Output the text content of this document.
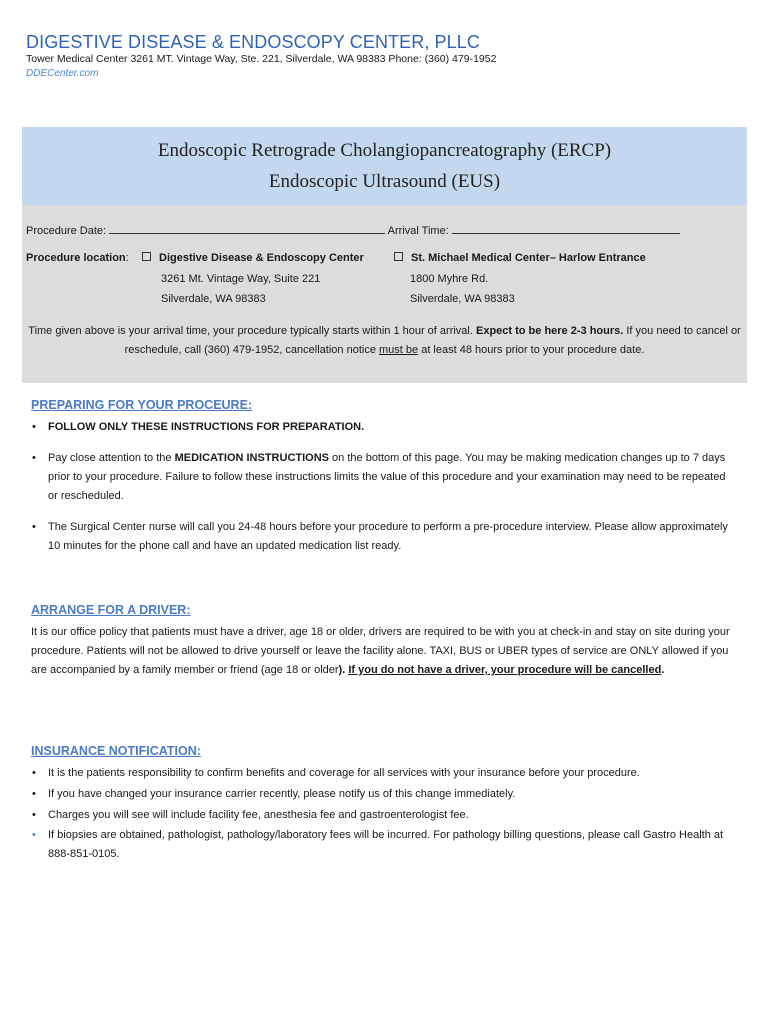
DIGESTIVE DISEASE & ENDOSCOPY CENTER, PLLC
Tower Medical Center 3261 MT. Vintage Way, Ste. 221, Silverdale, WA 98383 Phone: (360) 479-1952
DDECenter.com
Endoscopic Retrograde Cholangiopancreatography (ERCP)
Endoscopic Ultrasound (EUS)
Procedure Date:	Arrival Time:
Procedure location:	Digestive Disease & Endoscopy Center
3261 Mt. Vintage Way, Suite 221
Silverdale, WA 98383
St. Michael Medical Center– Harlow Entrance
1800 Myhre Rd.
Silverdale, WA 98383
Time given above is your arrival time, your procedure typically starts within 1 hour of arrival. Expect to be here 2-3 hours. If you need to cancel or reschedule, call (360) 479-1952, cancellation notice must be at least 48 hours prior to your procedure date.
PREPARING FOR YOUR PROCEURE:
• FOLLOW ONLY THESE INSTRUCTIONS FOR PREPARATION.
• Pay close attention to the MEDICATION INSTRUCTIONS on the bottom of this page. You may be making medication changes up to 7 days prior to your procedure. Failure to follow these instructions limits the value of this procedure and your examination may need to be repeated or rescheduled.
• The Surgical Center nurse will call you 24-48 hours before your procedure to perform a pre-procedure interview. Please allow approximately 10 minutes for the phone call and have an updated medication list ready.
ARRANGE FOR A DRIVER:
It is our office policy that patients must have a driver, age 18 or older, drivers are required to be with you at check-in and stay on site during your procedure. Patients will not be allowed to drive yourself or leave the facility alone. TAXI, BUS or UBER types of service are ONLY allowed if you are accompanied by a family member or friend (age 18 or older). If you do not have a driver, your procedure will be cancelled.
INSURANCE NOTIFICATION:
• It is the patients responsibility to confirm benefits and coverage for all services with your insurance before your procedure.
• If you have changed your insurance carrier recently, please notify us of this change immediately.
• Charges you will see will include facility fee, anesthesia fee and gastroenterologist fee.
• If biopsies are obtained, pathologist, pathology/laboratory fees will be incurred. For pathology billing questions, please call Gastro Health at 888-851-0105.
